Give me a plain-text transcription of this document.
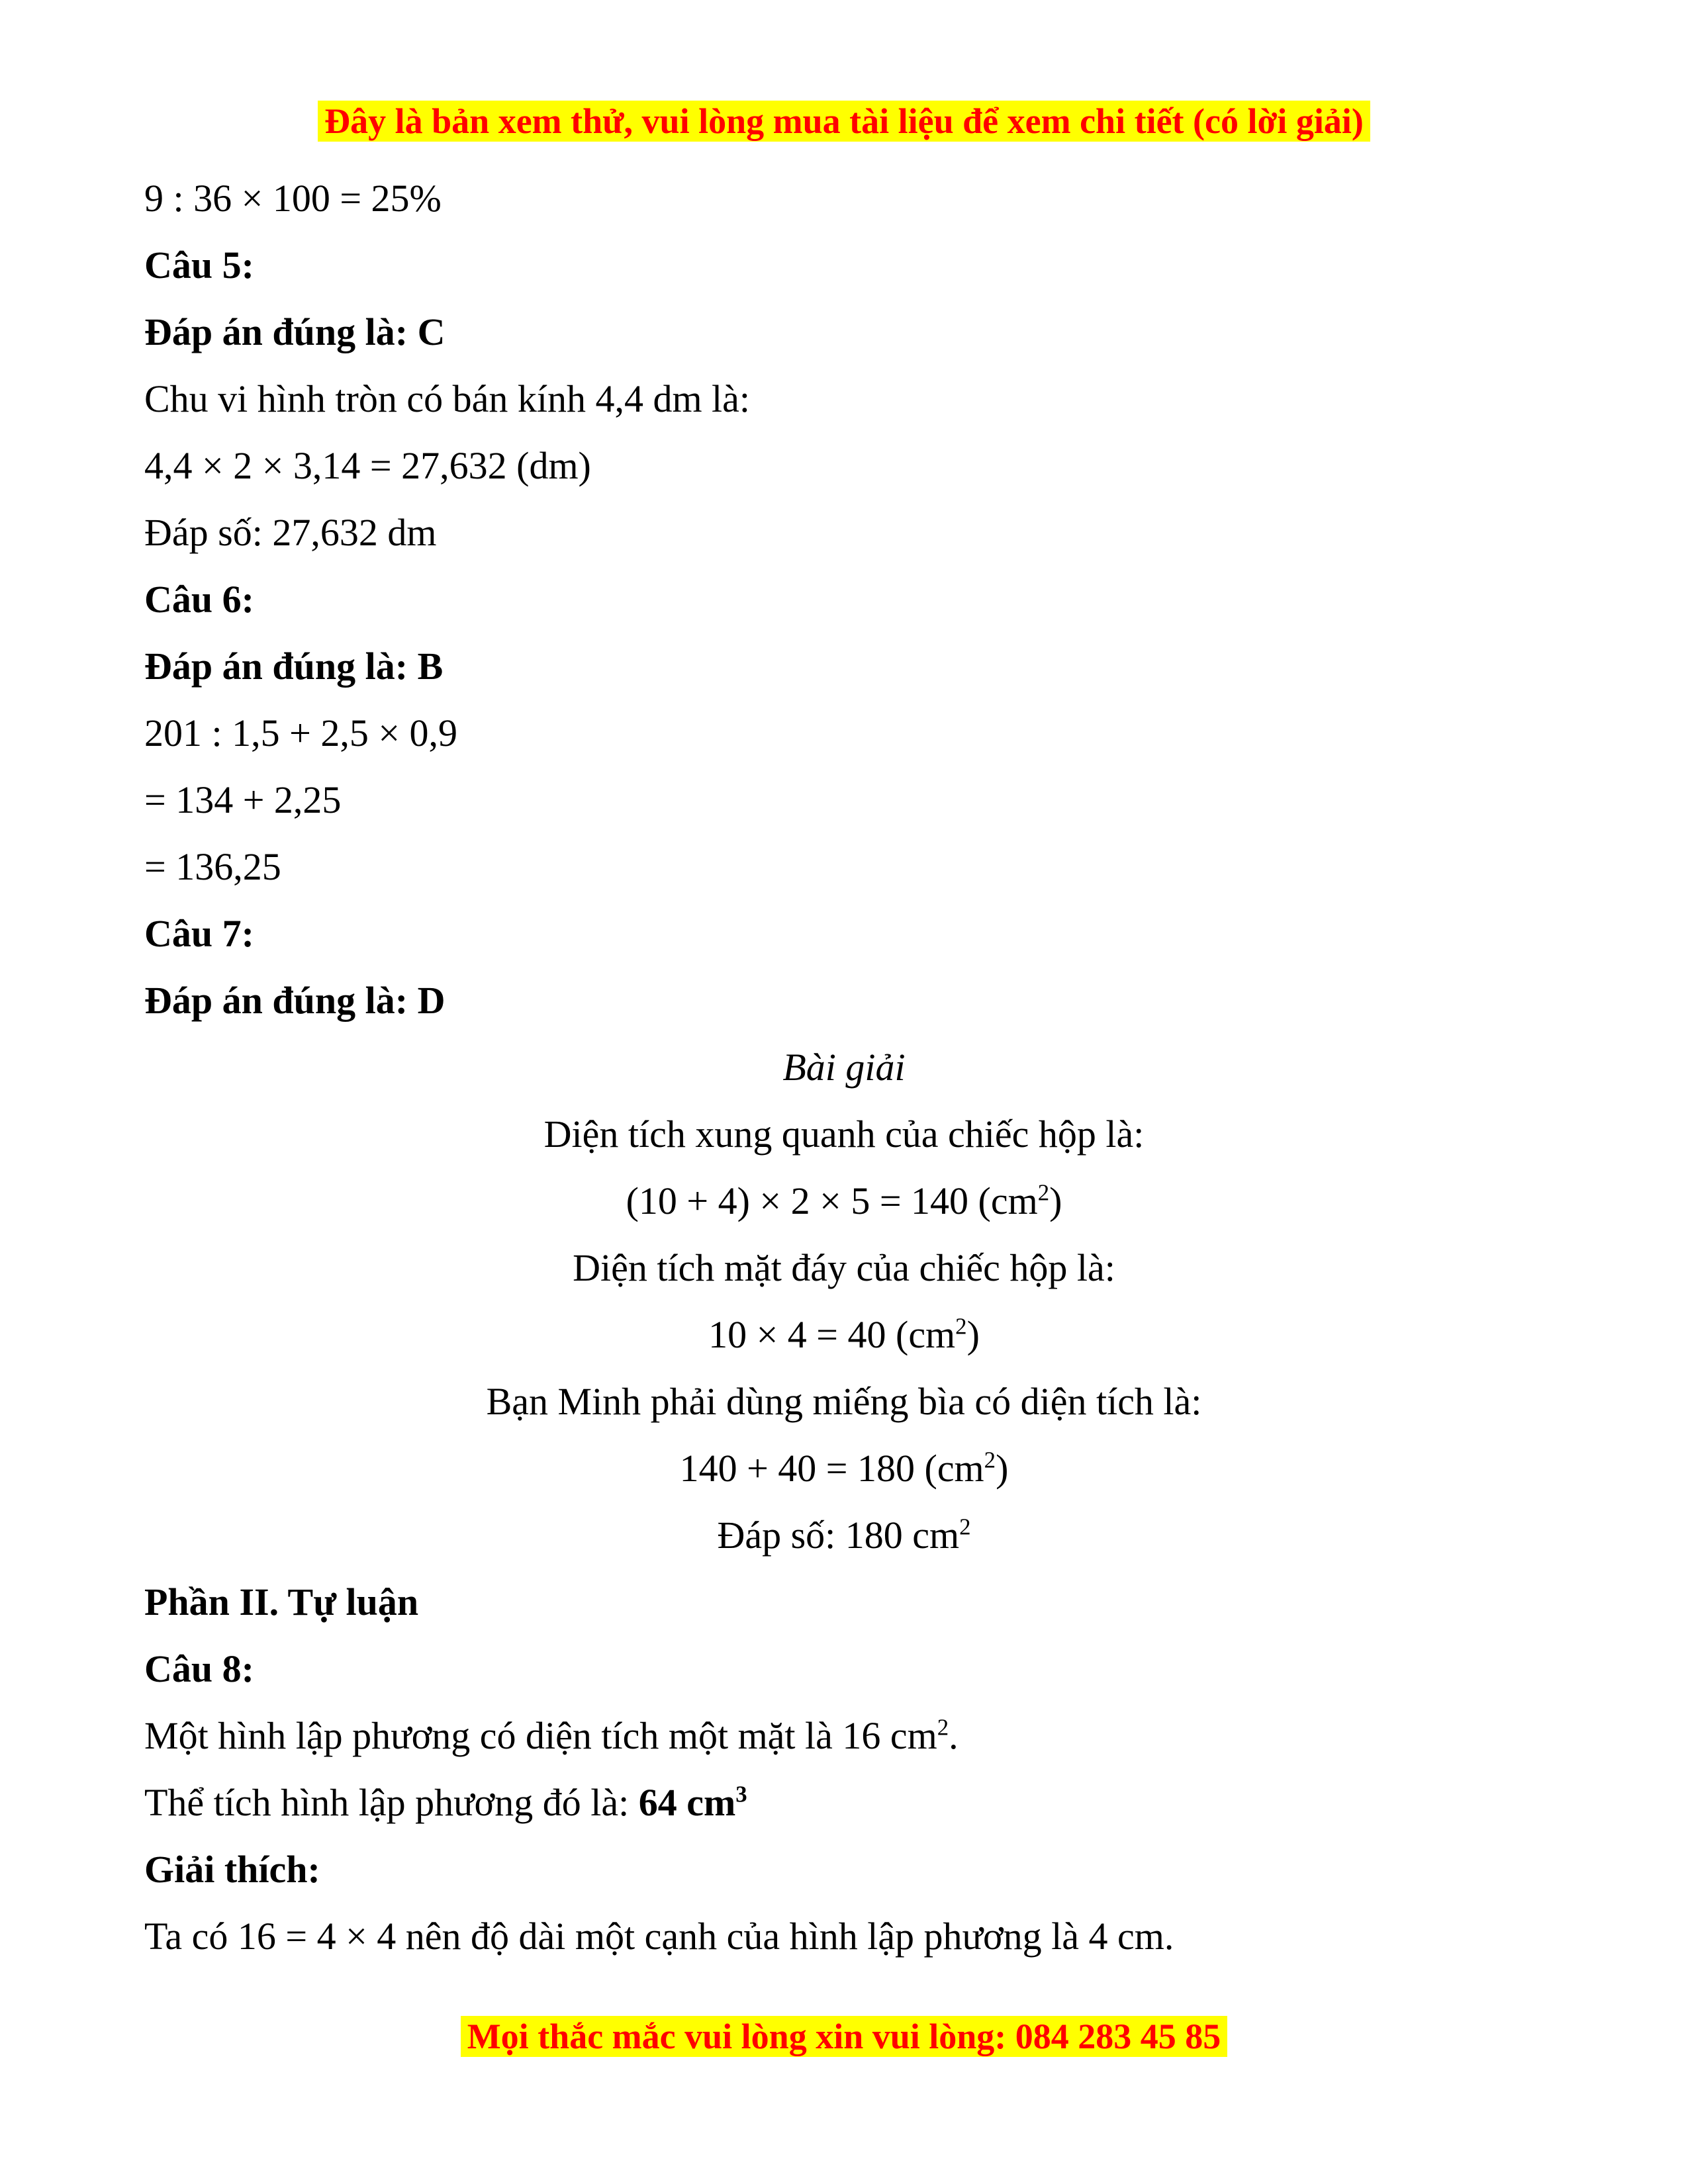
Đây là bản xem thử, vui lòng mua tài liệu để xem chi tiết (có lời giải)

9 : 36 × 100 = 25%

Câu 5:

Đáp án đúng là: C

Chu vi hình tròn có bán kính 4,4 dm là:

4,4 × 2 × 3,14 = 27,632 (dm)

Đáp số: 27,632 dm

Câu 6:

Đáp án đúng là: B

201 : 1,5 + 2,5 × 0,9

= 134 + 2,25

= 136,25

Câu 7:

Đáp án đúng là: D

Bài giải

Diện tích xung quanh của chiếc hộp là:

(10 + 4) × 2 × 5 = 140 $(cm^2)$

Diện tích mặt đáy của chiếc hộp là:

10 × 4 = 40 $(cm^2)$

Bạn Minh phải dùng miếng bìa có diện tích là:

140 + 40 = 180 $(cm^2)$

Đáp số: 180 $cm^2$

Phần II. Tự luận

Câu 8:

Một hình lập phương có diện tích một mặt là 16 $cm^2$.

Thể tích hình lập phương đó là: 64 $cm^3$

Giải thích:

Ta có 16 = 4 × 4 nên độ dài một cạnh của hình lập phương là 4 cm.

Mọi thắc mắc vui lòng xin vui lòng: 084 283 45 85
